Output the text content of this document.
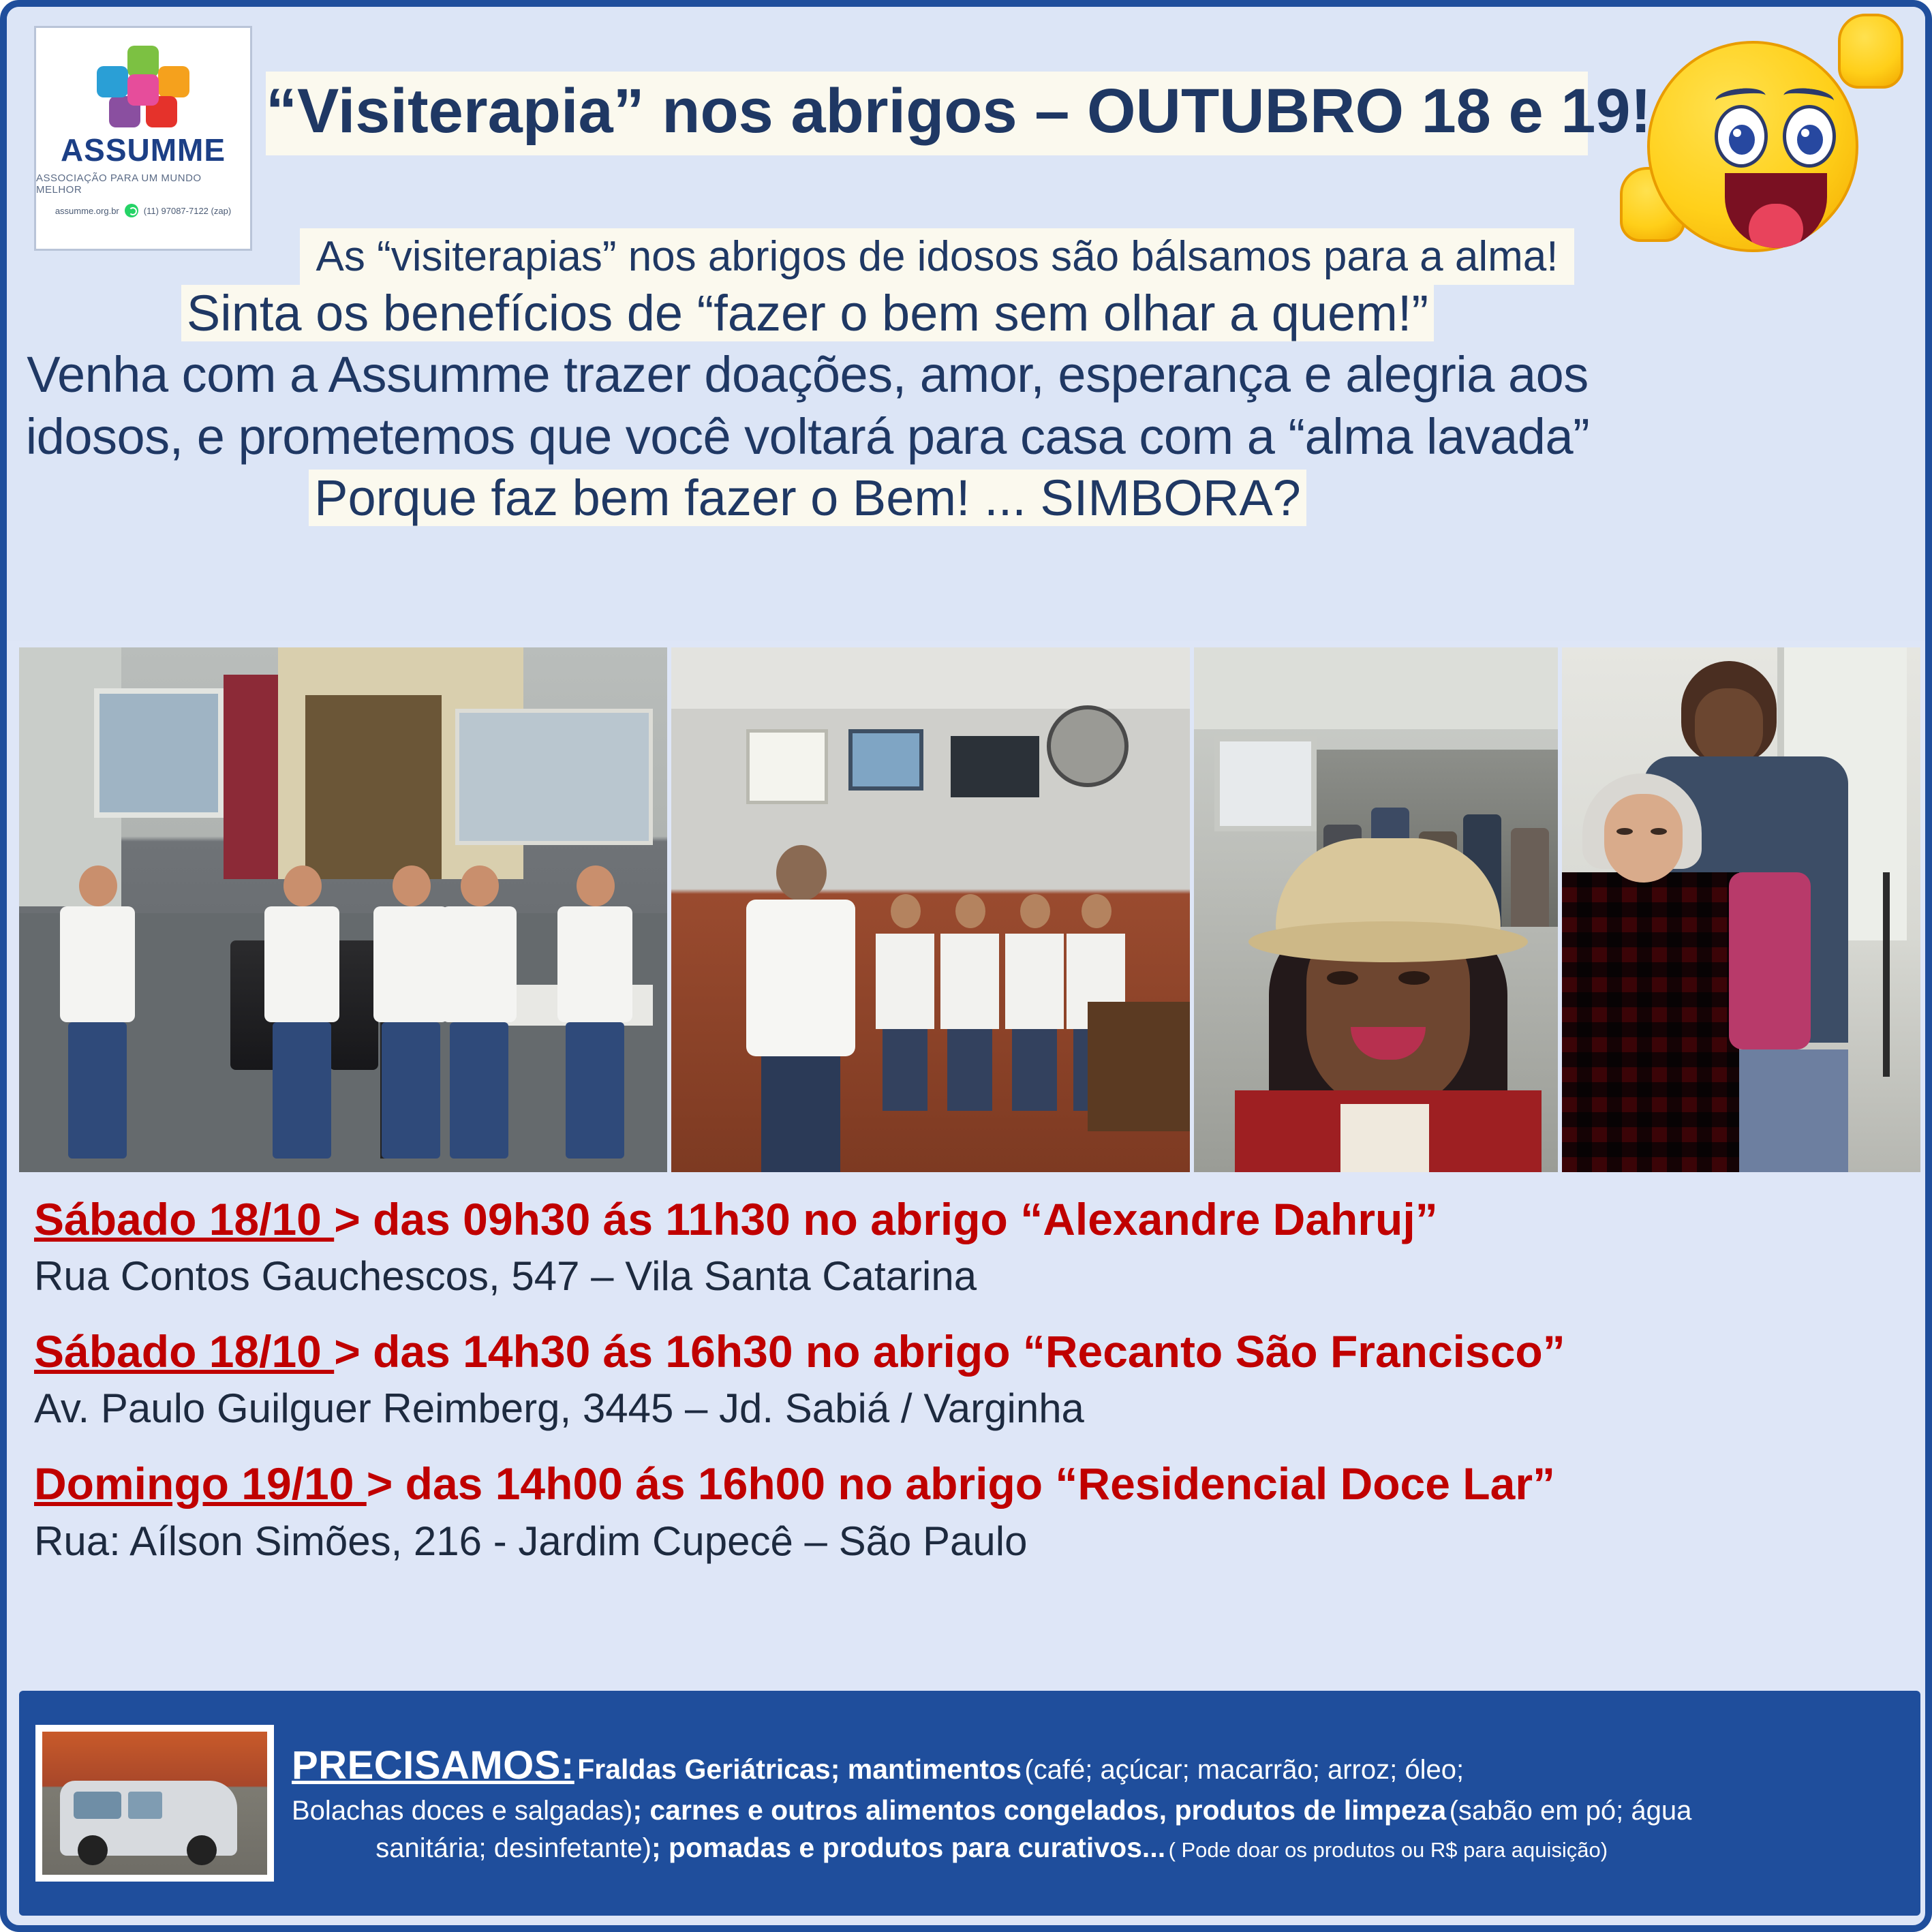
ASSUMME
ASSOCIAÇÃO PARA UM MUNDO MELHOR
assumme.org.br	(11) 97087-7122 (zap)
“Visiterapia” nos abrigos – OUTUBRO 18 e 19!
As “visiterapias” nos abrigos de idosos são bálsamos para a alma!
Sinta os benefícios de “fazer o bem sem olhar a quem!”
Venha com a Assumme trazer doações, amor, esperança e alegria aos
idosos, e prometemos que você voltará para casa com a “alma lavada”
Porque faz bem fazer o Bem! ... SIMBORA?
Sábado 18/10 > das 09h30 ás 11h30 no abrigo “Alexandre Dahruj”
Rua Contos Gauchescos, 547 – Vila Santa Catarina
Sábado 18/10 > das 14h30 ás 16h30 no abrigo “Recanto São Francisco”
Av. Paulo Guilguer Reimberg, 3445 – Jd. Sabiá / Varginha
Domingo 19/10 > das 14h00 ás 16h00 no abrigo “Residencial Doce Lar”
Rua: Aílson Simões, 216 - Jardim Cupecê – São Paulo
PRECISAMOS: Fraldas Geriátricas; mantimentos (café; açúcar; macarrão; arroz; óleo;
Bolachas doces e salgadas); carnes e outros alimentos congelados, produtos de limpeza (sabão em pó; água
sanitária; desinfetante); pomadas e produtos para curativos... ( Pode doar os produtos ou R$ para aquisição)
